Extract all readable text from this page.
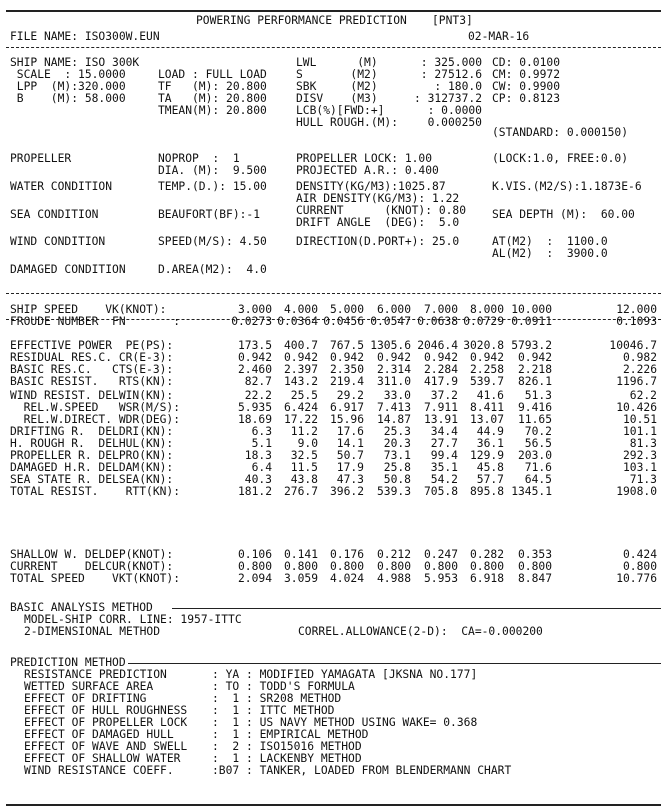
POWERING PERFORMANCE PREDICTION [PNT3]
FILE NAME: ISO300W.EUN	02-MAR-16
SHIP NAME: ISO 300K
SCALE  : 15.0000
LPP  (M):320.000
B    (M): 58.000
LOAD : FULL LOAD
TF   (M): 20.800
TA   (M): 20.800
TMEAN(M): 20.800
LWL      (M)	: 325.000
S       (M2)	: 27512.6
SBK     (M2)	: 180.0
DISV    (M3)	: 312737.2
LCB(%)[FWD:+]	: 0.0000
HULL ROUGH.(M):	0.000250
CD: 0.0100
CM: 0.9972
CW: 0.9900
CP: 0.8123
(STANDARD: 0.000150)
PROPELLER	NOPROP  :  1
DIA. (M):  9.500
PROPELLER LOCK: 1.00
PROJECTED A.R.: 0.400
(LOCK:1.0, FREE:0.0)
WATER CONDITION	TEMP.(D.): 15.00	DENSITY(KG/M3):1025.87
AIR DENSITY(KG/M3): 1.22
K.VIS.(M2/S):1.1873E-6
SEA CONDITION	BEAUFORT(BF):-1	CURRENT      (KNOT): 0.80
DRIFT ANGLE  (DEG):  5.0
SEA DEPTH (M):  60.00
WIND CONDITION	SPEED(M/S): 4.50	DIRECTION(D.PORT+): 25.0	AT(M2)  :  1100.0
AL(M2)  :  3900.0
DAMAGED CONDITION	D.AREA(M2):  4.0
SHIP SPEED    VK(KNOT):	3.000	4.000	5.000	6.000	7.000	8.000 10.000	12.000
FROUDE NUMBER  FN       :	0.0273 0.0364 0.0456 0.0547 0.0638 0.0729 0.0911	0.1093
EFFECTIVE POWER  PE(PS):	173.5	400.7	767.5 1305.6 2046.4 3020.8 5793.2	10046.7
RESIDUAL RES.C. CR(E-3):	0.942	0.942	0.942	0.942	0.942	0.942	0.942	0.982
BASIC RES.C.   CTS(E-3):	2.460	2.397	2.350	2.314	2.284	2.258	2.218	2.226
BASIC RESIST.   RTS(KN):	82.7	143.2	219.4	311.0	417.9	539.7	826.1	1196.7
WIND RESIST. DELWIN(KN):	22.2	25.5	29.2	33.0	37.2	41.6	51.3	62.2
REL.W.SPEED   WSR(M/S):	5.935	6.424	6.917	7.413	7.911	8.411	9.416	10.426
REL.W.DIRECT. WDR(DEG):	18.69	17.22	15.96	14.87	13.91	13.07	11.65	10.51
DRIFTING R.  DELDRI(KN):	6.3	11.2	17.6	25.3	34.4	44.9	70.2	101.1
H. ROUGH R.  DELHUL(KN):	5.1	9.0	14.1	20.3	27.7	36.1	56.5	81.3
PROPELLER R. DELPRO(KN):	18.3	32.5	50.7	73.1	99.4	129.9	203.0	292.3
DAMAGED H.R. DELDAM(KN):	6.4	11.5	17.9	25.8	35.1	45.8	71.6	103.1
SEA STATE R. DELSEA(KN):	40.3	43.8	47.3	50.8	54.2	57.7	64.5	71.3
TOTAL RESIST.    RTT(KN):	181.2	276.7	396.2	539.3	705.8	895.8 1345.1	1908.0
SHALLOW W. DELDEP(KNOT):	0.106	0.141	0.176	0.212	0.247	0.282	0.353	0.424
CURRENT    DELCUR(KNOT):	0.800	0.800	0.800	0.800	0.800	0.800	0.800	0.800
TOTAL SPEED    VKT(KNOT):	2.094	3.059	4.024	4.988	5.953	6.918	8.847	10.776
BASIC ANALYSIS METHOD
MODEL-SHIP CORR. LINE: 1957-ITTC
2-DIMENSIONAL METHOD	CORREL.ALLOWANCE(2-D):  CA=-0.000200
PREDICTION METHOD
RESISTANCE PREDICTION	: YA : MODIFIED YAMAGATA [JKSNA NO.177]
WETTED SURFACE AREA	: TO : TODD'S FORMULA
EFFECT OF DRIFTING	:  1 : SR208 METHOD
EFFECT OF HULL ROUGHNESS :  1 : ITTC METHOD
EFFECT OF PROPELLER LOCK :  1 : US NAVY METHOD USING WAKE= 0.368
EFFECT OF DAMAGED HULL	:  1 : EMPIRICAL METHOD
EFFECT OF WAVE AND SWELL :  2 : ISO15016 METHOD
EFFECT OF SHALLOW WATER	:  1 : LACKENBY METHOD
WIND RESISTANCE COEFF.	:B07 : TANKER, LOADED FROM BLENDERMANN CHART
